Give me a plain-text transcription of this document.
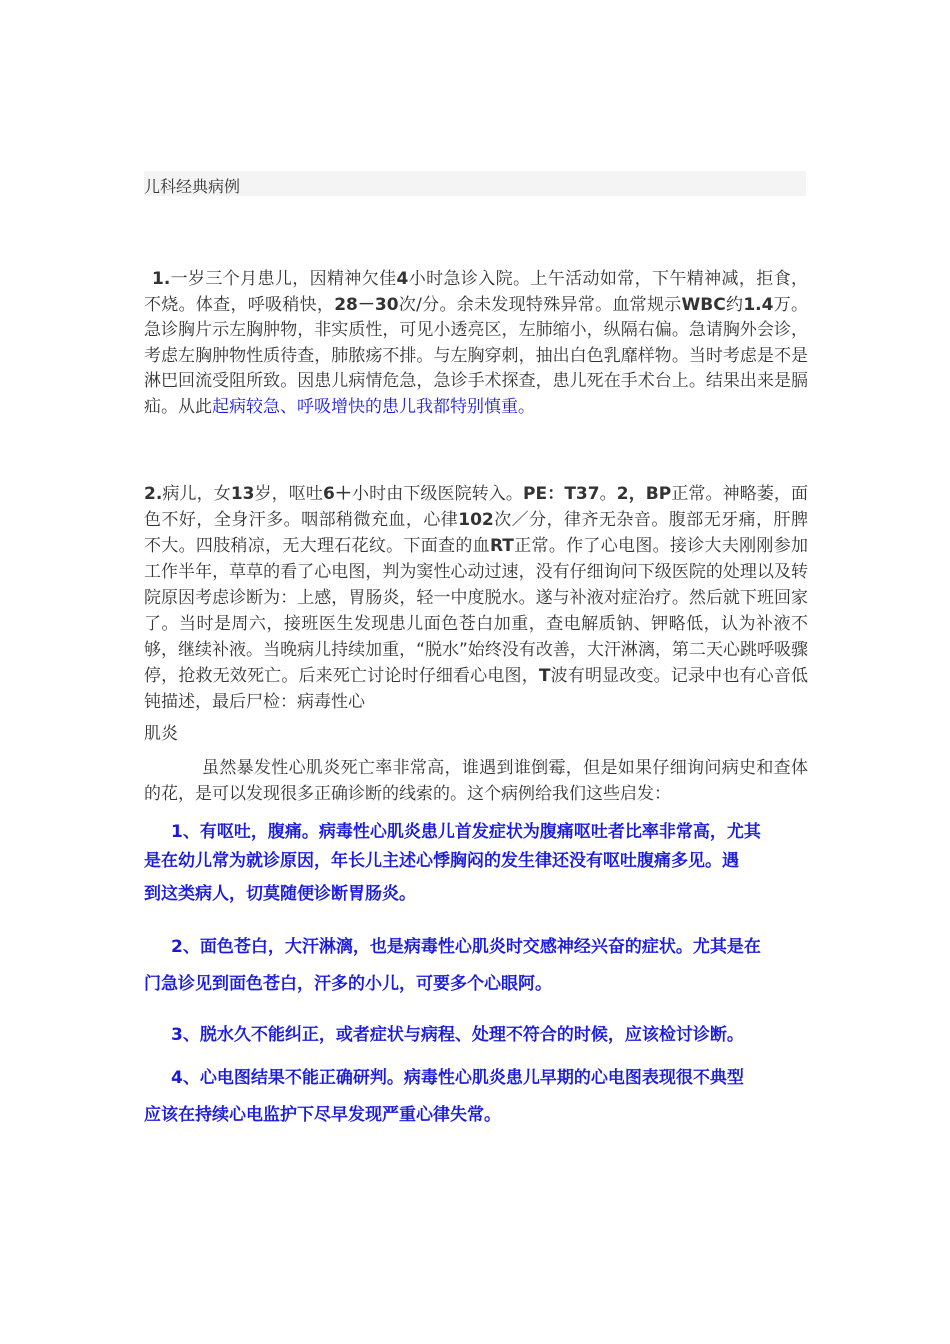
儿科经典病例

1.一岁三个月患儿，因精神欠佳4小时急诊入院。上午活动如常，下午精神减，拒食，不烧。体查，呼吸稍快，28－30次/分。余未发现特殊异常。血常规示WBC约1.4万。急诊胸片示左胸肿物，非实质性，可见小透亮区，左肺缩小，纵隔右偏。急请胸外会诊，考虑左胸肿物性质待查，肺脓疡不排。与左胸穿刺，抽出白色乳靡样物。当时考虑是不是淋巴回流受阻所致。因患儿病情危急，急诊手术探查，患儿死在手术台上。结果出来是膈疝。从此起病较急、呼吸增快的患儿我都特别慎重。

2.病儿，女13岁，呕吐6＋小时由下级医院转入。PE：T37。2，BP正常。神略萎，面色不好，全身汗多。咽部稍微充血，心律102次／分，律齐无杂音。腹部无牙痛，肝脾不大。四肢稍凉，无大理石花纹。下面查的血RT正常。作了心电图。接诊大夫刚刚参加工作半年，草草的看了心电图，判为窦性心动过速，没有仔细询问下级医院的处理以及转院原因考虑诊断为：上感，胃肠炎，轻一中度脱水。遂与补液对症治疗。然后就下班回家了。当时是周六，接班医生发现患儿面色苍白加重，查电解质钠、钾略低，认为补液不够，继续补液。当晚病儿持续加重，“脱水”始终没有改善，大汗淋漓，第二天心跳呼吸骤停，抢救无效死亡。后来死亡讨论时仔细看心电图，T波有明显改变。记录中也有心音低钝描述，最后尸检：病毒性心

肌炎

虽然暴发性心肌炎死亡率非常高，谁遇到谁倒霉，但是如果仔细询问病史和查体的花，是可以发现很多正确诊断的线索的。这个病例给我们这些启发：

1、有呕吐，腹痛。病毒性心肌炎患儿首发症状为腹痛呕吐者比率非常高，尤其
是在幼儿常为就诊原因，年长儿主述心悸胸闷的发生律还没有呕吐腹痛多见。遇
到这类病人，切莫随便诊断胃肠炎。
2、面色苍白，大汗淋漓，也是病毒性心肌炎时交感神经兴奋的症状。尤其是在
门急诊见到面色苍白，汗多的小儿，可要多个心眼阿。
3、脱水久不能纠正，或者症状与病程、处理不符合的时候，应该检讨诊断。
4、心电图结果不能正确研判。病毒性心肌炎患儿早期的心电图表现很不典型
应该在持续心电监护下尽早发现严重心律失常。
